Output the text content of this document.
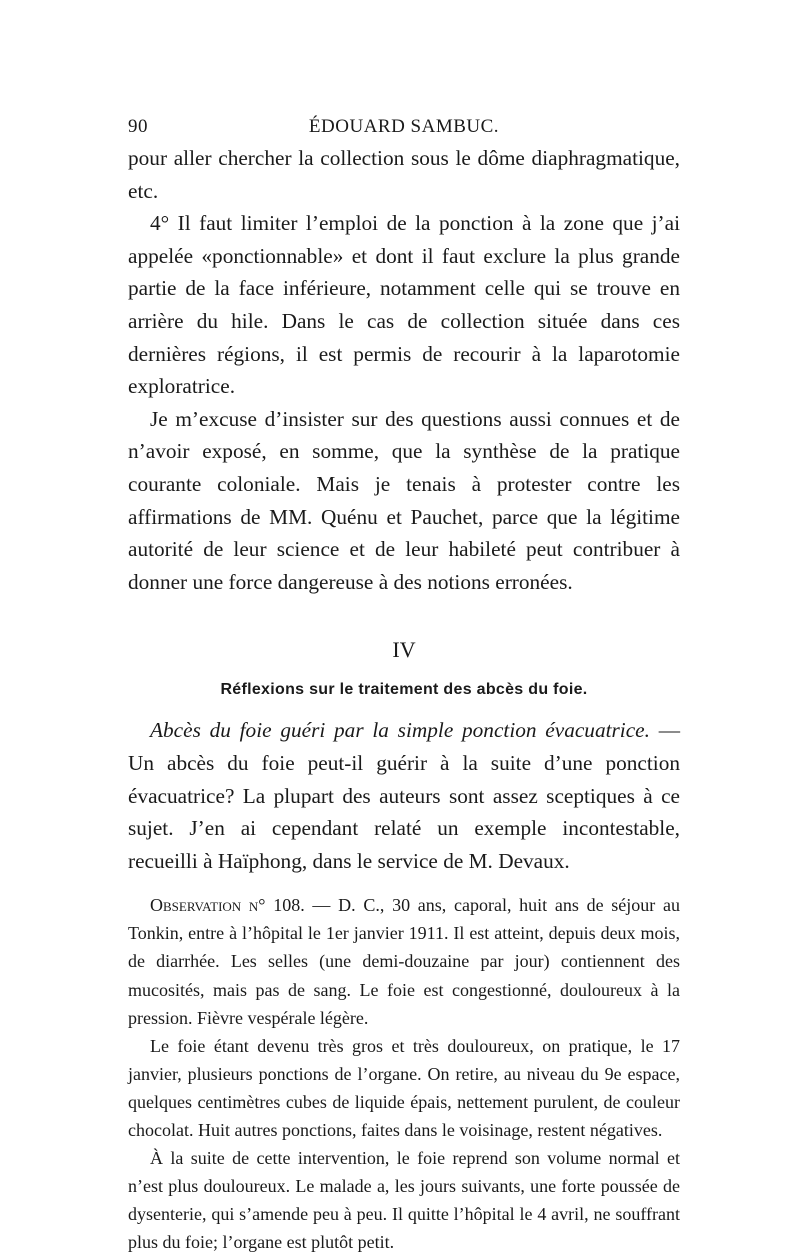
90	ÉDOUARD SAMBUC.

pour aller chercher la collection sous le dôme diaphragmatique, etc.

4° Il faut limiter l’emploi de la ponction à la zone que j’ai appelée «ponctionnable» et dont il faut exclure la plus grande partie de la face inférieure, notamment celle qui se trouve en arrière du hile. Dans le cas de collection située dans ces dernières régions, il est permis de recourir à la laparotomie exploratrice.

Je m’excuse d’insister sur des questions aussi connues et de n’avoir exposé, en somme, que la synthèse de la pratique courante coloniale. Mais je tenais à protester contre les affirmations de MM. Quénu et Pauchet, parce que la légitime autorité de leur science et de leur habileté peut contribuer à donner une force dangereuse à des notions erronées.

IV
Réflexions sur le traitement des abcès du foie.

Abcès du foie guéri par la simple ponction évacuatrice. — Un abcès du foie peut-il guérir à la suite d’une ponction évacuatrice? La plupart des auteurs sont assez sceptiques à ce sujet. J’en ai cependant relaté un exemple incontestable, recueilli à Haïphong, dans le service de M. Devaux.

Observation n° 108. — D. C., 30 ans, caporal, huit ans de séjour au Tonkin, entre à l’hôpital le 1er janvier 1911. Il est atteint, depuis deux mois, de diarrhée. Les selles (une demi-douzaine par jour) contiennent des mucosités, mais pas de sang. Le foie est congestionné, douloureux à la pression. Fièvre vespérale légère.

Le foie étant devenu très gros et très douloureux, on pratique, le 17 janvier, plusieurs ponctions de l’organe. On retire, au niveau du 9e espace, quelques centimètres cubes de liquide épais, nettement purulent, de couleur chocolat. Huit autres ponctions, faites dans le voisinage, restent négatives.

À la suite de cette intervention, le foie reprend son volume normal et n’est plus douloureux. Le malade a, les jours suivants, une forte poussée de dysenterie, qui s’amende peu à peu. Il quitte l’hôpital le 4 avril, ne souffrant plus du foie; l’organe est plutôt petit.
